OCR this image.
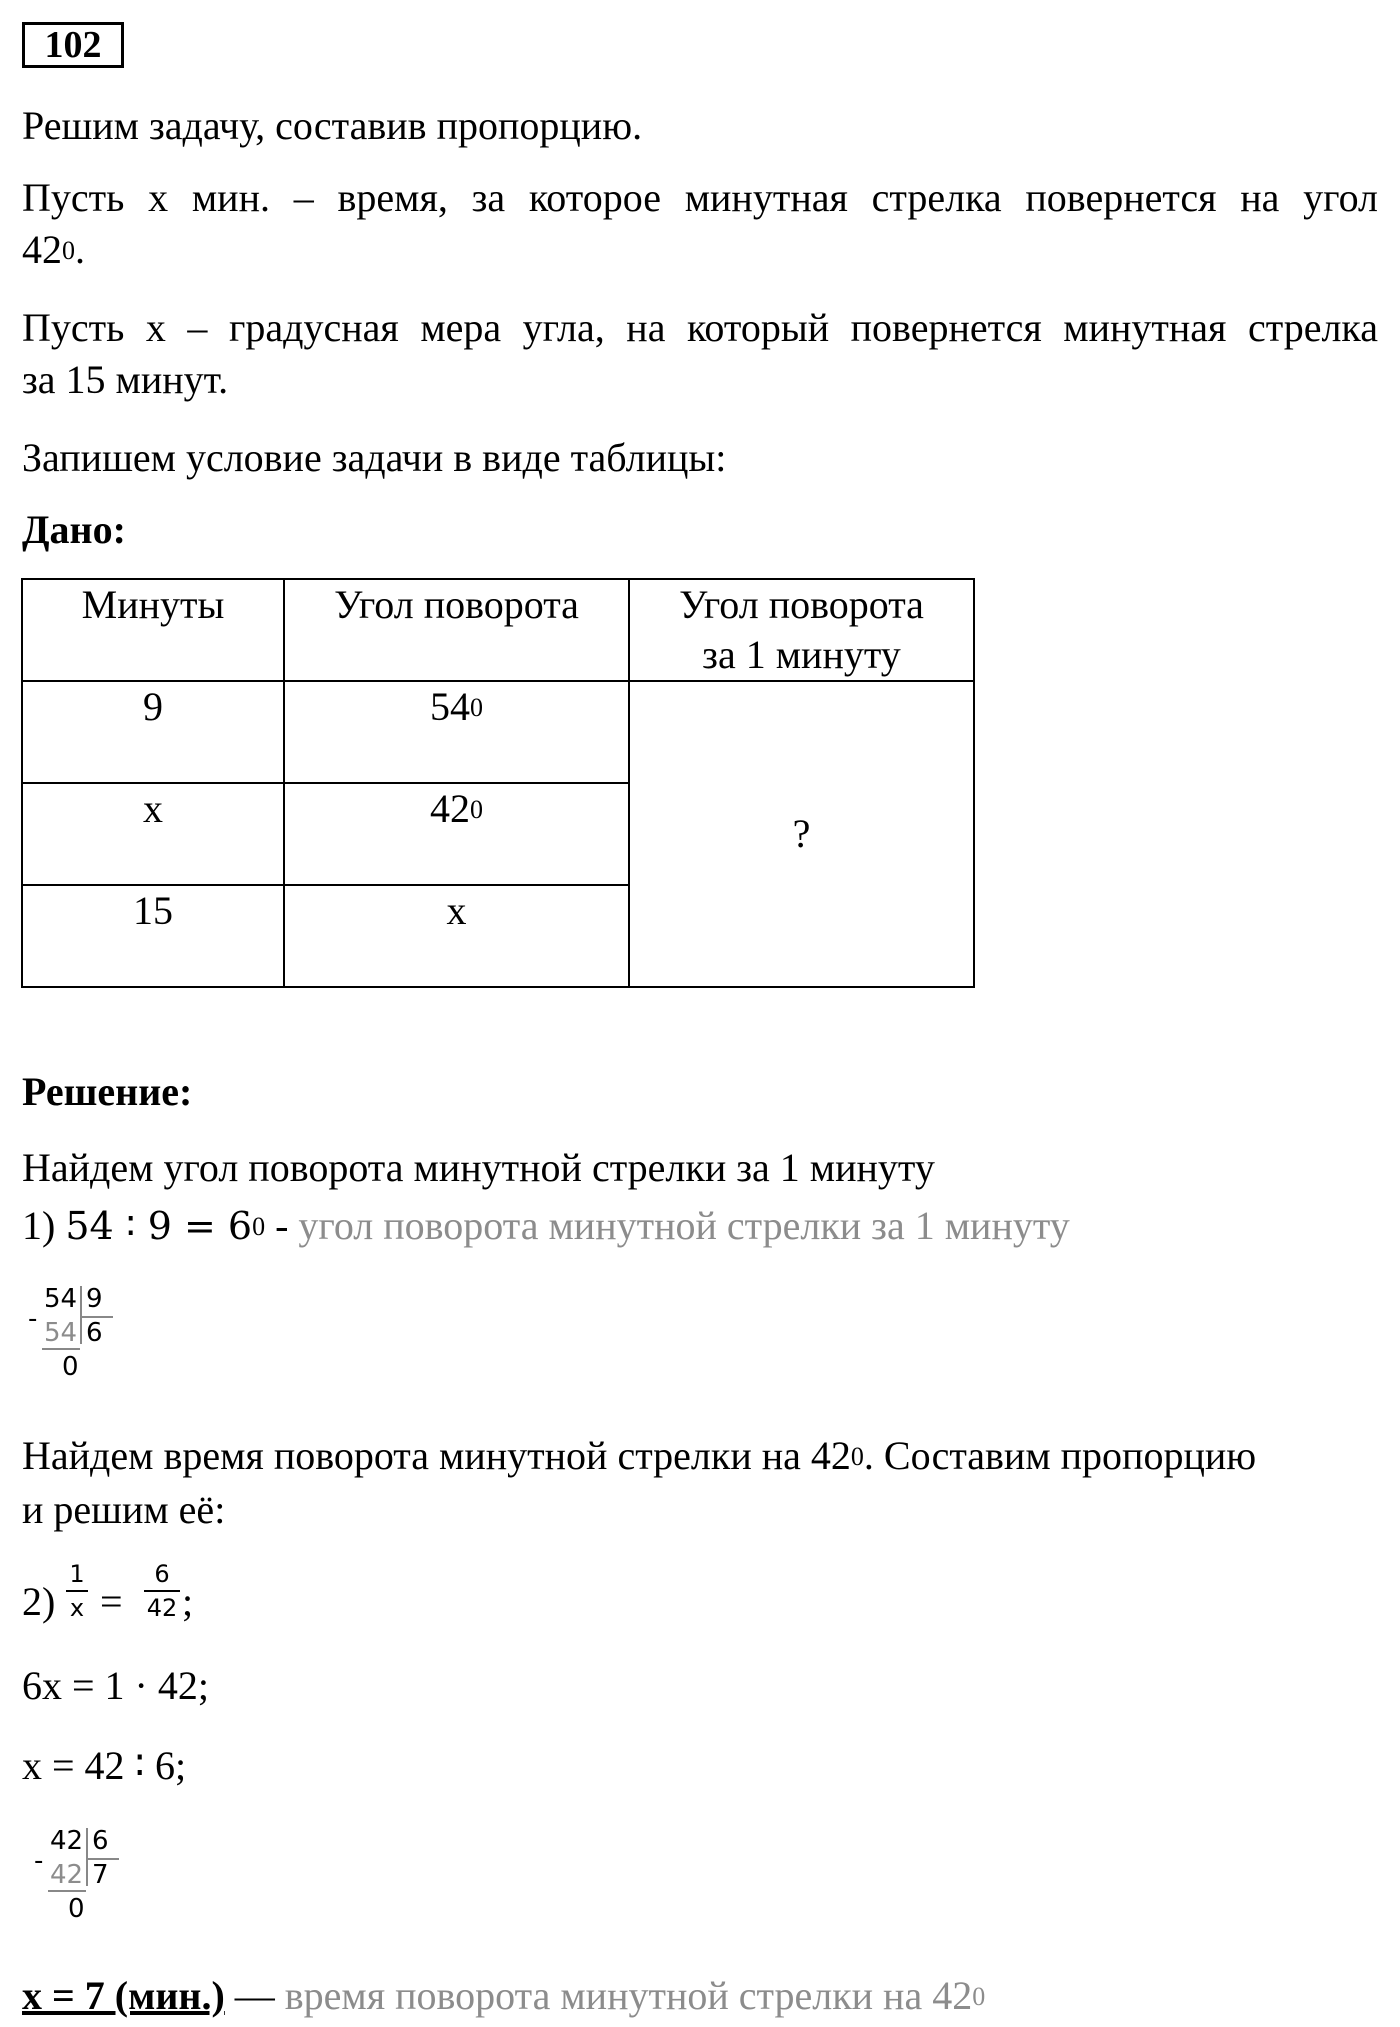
102
Решим задачу, составив пропорцию.
Пусть х мин. – время, за которое минутная стрелка повернется на угол
$42^0$.
Пусть х – градусная мера угла, на который повернется минутная стрелка
за 15 минут.
Запишем условие задачи в виде таблицы:
Дано:
Минуты	Угол поворота	Угол поворота
за 1 минуту

9	$54^0$	?
х	$42^0$
15	х	
Решение:
Найдем угол поворота минутной стрелки за 1 минуту
1) 54 ∶ $9 = 6^0$ - угол поворота минутной стрелки за 1 минуту
54 9
- 54 6
0
Найдем время поворота минутной стрелки на $42^0$. Составим пропорцию
и решим её:
2)
1
х =
6
42 ;
6х = 1 · 42;
х = 42 ∶ 6;
42 6
- 42 7
0
х = 7 (мин.) — время поворота минутной стрелки на $42^0$
